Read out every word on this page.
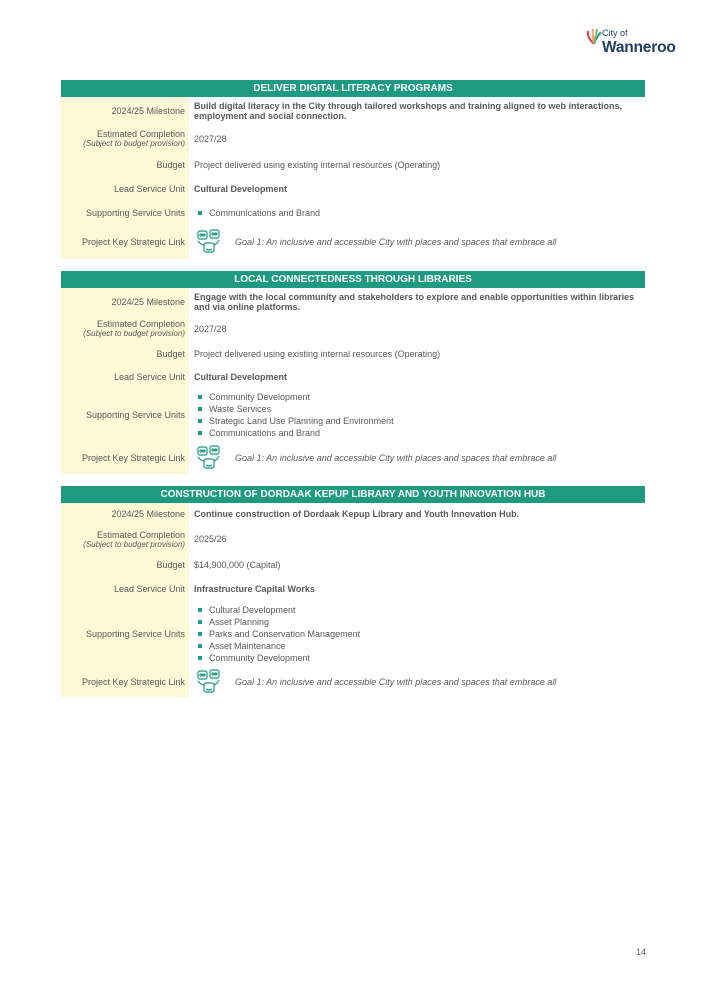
City of
Wanneroo
DELIVER DIGITAL LITERACY PROGRAMS
2024/25 Milestone	Build digital literacy in the City through tailored workshops and training aligned to web interactions, employment and social connection.
Estimated Completion
(Subject to budget provision)	2027/28
Budget	Project delivered using existing internal resources (Operating)
Lead Service Unit	Cultural Development
Supporting Service Units	Communications and Brand
Project Key Strategic Link	Goal 1: An inclusive and accessible City with places and spaces that embrace all
LOCAL CONNECTEDNESS THROUGH LIBRARIES
2024/25 Milestone	Engage with the local community and stakeholders to explore and enable opportunities within libraries and via online platforms.
Estimated Completion
(Subject to budget provision)	2027/28
Budget	Project delivered using existing internal resources (Operating)
Lead Service Unit	Cultural Development
Supporting Service Units
Community Development
Waste Services
Strategic Land Use Planning and Environment
Communications and Brand
Project Key Strategic Link	Goal 1: An inclusive and accessible City with places and spaces that embrace all
CONSTRUCTION OF DORDAAK KEPUP LIBRARY AND YOUTH INNOVATION HUB
2024/25 Milestone	Continue construction of Dordaak Kepup Library and Youth Innovation Hub.
Estimated Completion
(Subject to budget provision)	2025/26
Budget	$14,900,000 (Capital)
Lead Service Unit	Infrastructure Capital Works
Supporting Service Units
Cultural Development
Asset Planning
Parks and Conservation Management
Asset Maintenance
Community Development
Project Key Strategic Link	Goal 1: An inclusive and accessible City with places and spaces that embrace all
14
